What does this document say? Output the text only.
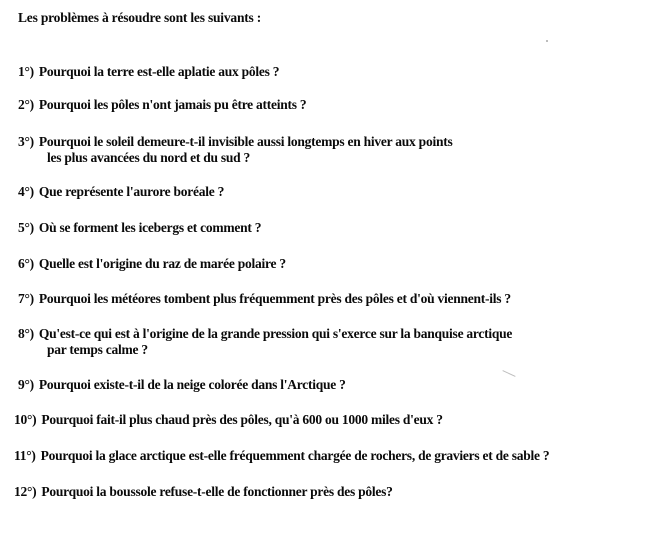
Les problèmes à résoudre sont les suivants :
1°) Pourquoi la terre est-elle aplatie aux pôles ?
2°) Pourquoi les pôles n'ont jamais pu être atteints ?
3°) Pourquoi le soleil demeure-t-il invisible aussi longtemps en hiver aux points
les plus avancées du nord et du sud ?
4°) Que représente l'aurore boréale ?
5°) Où se forment les icebergs et comment ?
6°) Quelle est l'origine du raz de marée polaire ?
7°) Pourquoi les météores tombent plus fréquemment près des pôles et d'où viennent-ils ?
8°) Qu'est-ce qui est à l'origine de la grande pression qui s'exerce sur la banquise arctique
par temps calme ?
9°) Pourquoi existe-t-il de la neige colorée dans l'Arctique ?
10°) Pourquoi fait-il plus chaud près des pôles, qu'à 600 ou 1000 miles d'eux ?
11°) Pourquoi la glace arctique est-elle fréquemment chargée de rochers, de graviers et de sable ?
12°) Pourquoi la boussole refuse-t-elle de fonctionner près des pôles?
